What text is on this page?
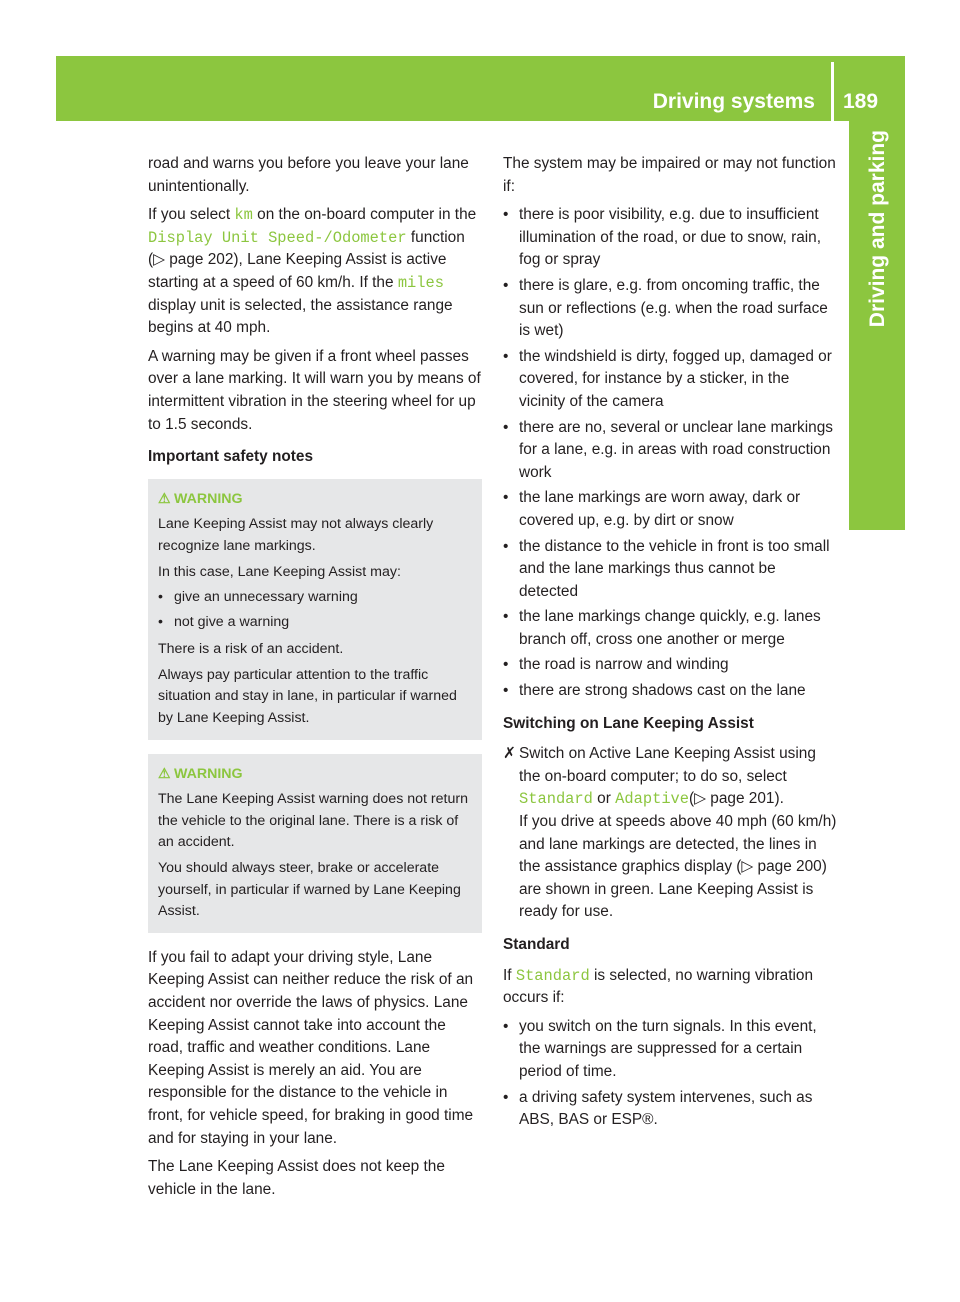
Driving systems 189
Driving and parking

road and warns you before you leave your lane unintentionally.

If you select km on the on-board computer in the Display Unit Speed-/Odometer function (▷ page 202), Lane Keeping Assist is active starting at a speed of 60 km/h. If the miles display unit is selected, the assistance range begins at 40 mph.

A warning may be given if a front wheel passes over a lane marking. It will warn you by means of intermittent vibration in the steering wheel for up to 1.5 seconds.

Important safety notes

⚠ WARNING

Lane Keeping Assist may not always clearly recognize lane markings.

In this case, Lane Keeping Assist may:

• give an unnecessary warning
• not give a warning

There is a risk of an accident.

Always pay particular attention to the traffic situation and stay in lane, in particular if warned by Lane Keeping Assist.

⚠ WARNING

The Lane Keeping Assist warning does not return the vehicle to the original lane. There is a risk of an accident.

You should always steer, brake or accelerate yourself, in particular if warned by Lane Keeping Assist.

If you fail to adapt your driving style, Lane Keeping Assist can neither reduce the risk of an accident nor override the laws of physics. Lane Keeping Assist cannot take into account the road, traffic and weather conditions. Lane Keeping Assist is merely an aid. You are responsible for the distance to the vehicle in front, for vehicle speed, for braking in good time and for staying in your lane.

The Lane Keeping Assist does not keep the vehicle in the lane.

The system may be impaired or may not function if:

• there is poor visibility, e.g. due to insufficient illumination of the road, or due to snow, rain, fog or spray
• there is glare, e.g. from oncoming traffic, the sun or reflections (e.g. when the road surface is wet)
• the windshield is dirty, fogged up, damaged or covered, for instance by a sticker, in the vicinity of the camera
• there are no, several or unclear lane markings for a lane, e.g. in areas with road construction work
• the lane markings are worn away, dark or covered up, e.g. by dirt or snow
• the distance to the vehicle in front is too small and the lane markings thus cannot be detected
• the lane markings change quickly, e.g. lanes branch off, cross one another or merge
• the road is narrow and winding
• there are strong shadows cast on the lane

Switching on Lane Keeping Assist

✗ Switch on Active Lane Keeping Assist using the on-board computer; to do so, select Standard or Adaptive(▷ page 201).

If you drive at speeds above 40 mph (60 km/h) and lane markings are detected, the lines in the assistance graphics display (▷ page 200) are shown in green. Lane Keeping Assist is ready for use.

Standard

If Standard is selected, no warning vibration occurs if:

• you switch on the turn signals. In this event, the warnings are suppressed for a certain period of time.
• a driving safety system intervenes, such as ABS, BAS or ESP®.
